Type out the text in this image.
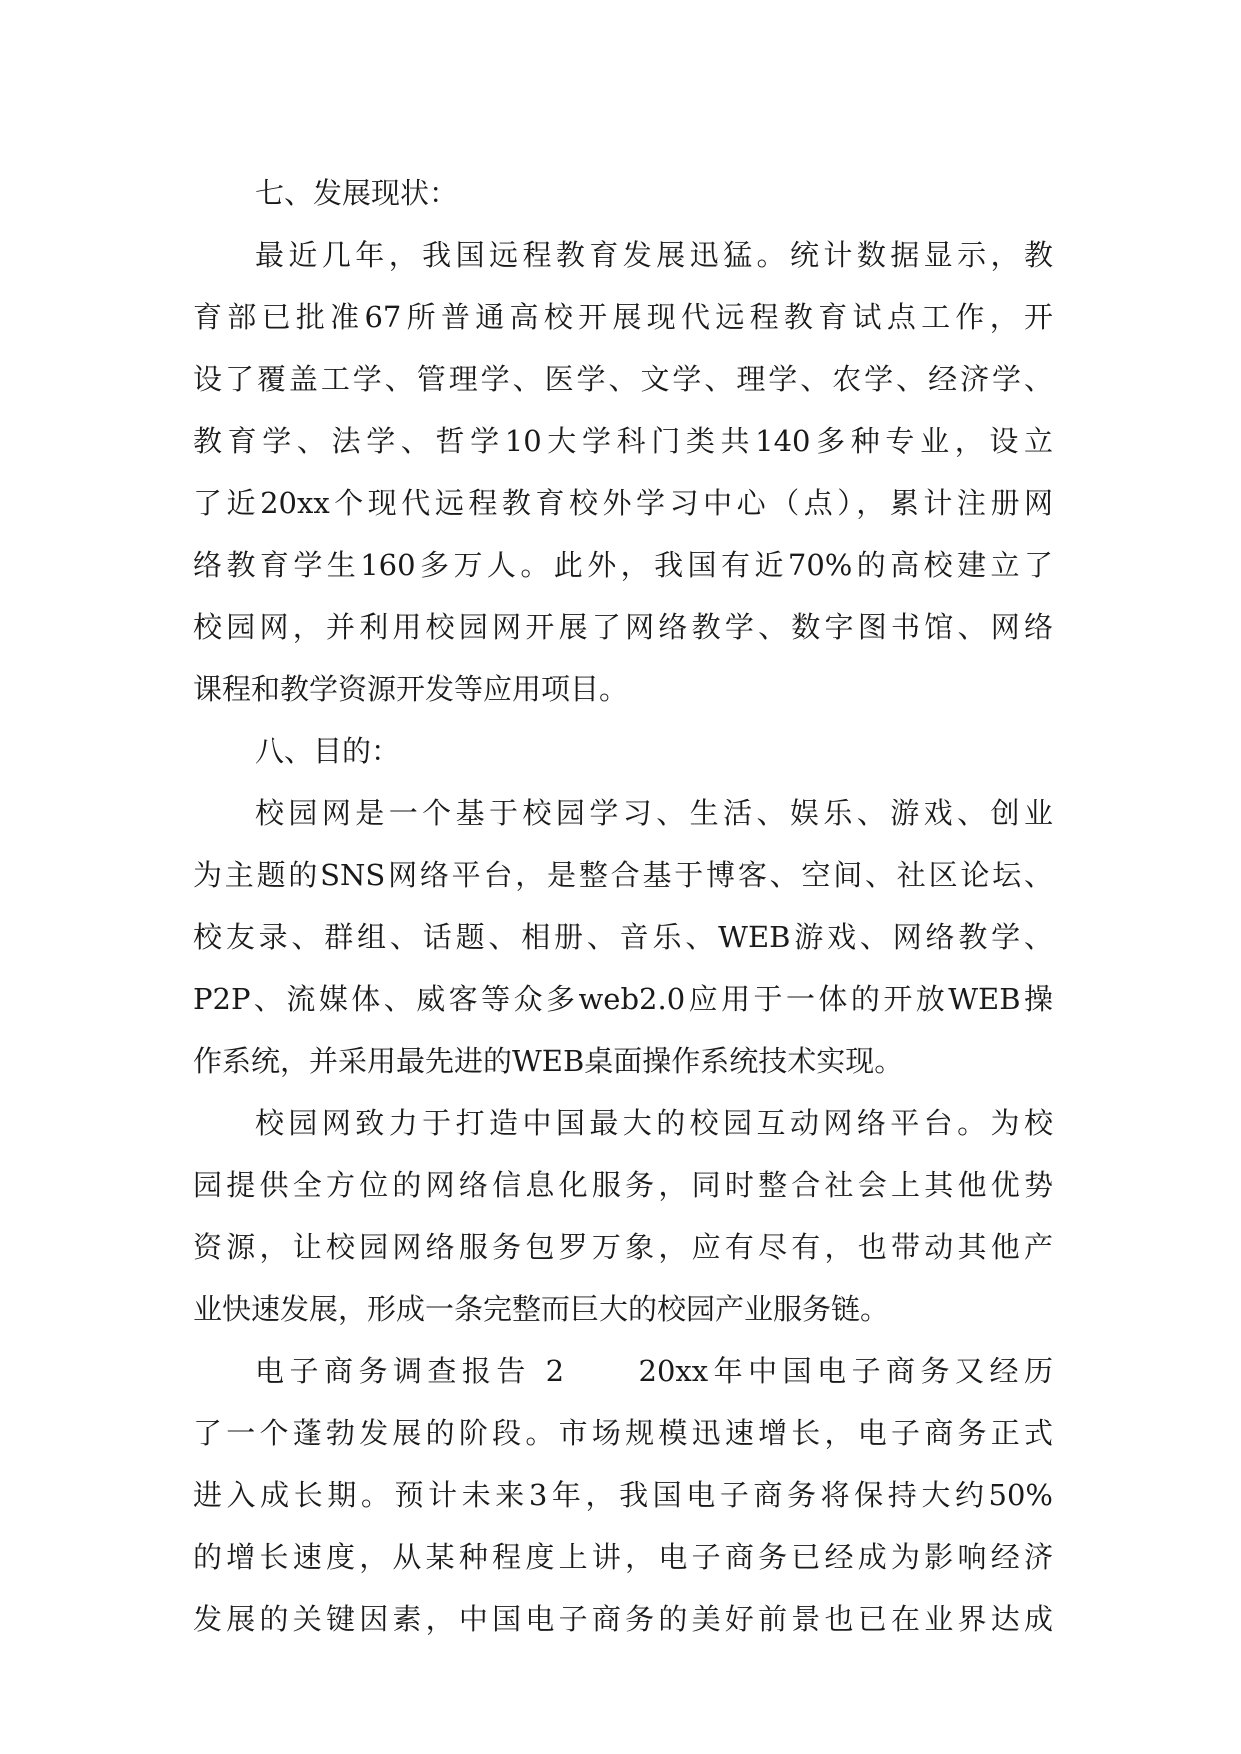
七、发展现状：
最近几年，我国远程教育发展迅猛。统计数据显示，教
育部已批准67所普通高校开展现代远程教育试点工作，开
设了覆盖工学、管理学、医学、文学、理学、农学、经济学、
教育学、法学、哲学10大学科门类共140多种专业，设立
了近20xx个现代远程教育校外学习中心（点），累计注册网
络教育学生160多万人。此外，我国有近70%的高校建立了
校园网，并利用校园网开展了网络教学、数字图书馆、网络
课程和教学资源开发等应用项目。
八、目的：
校园网是一个基于校园学习、生活、娱乐、游戏、创业
为主题的SNS网络平台，是整合基于博客、空间、社区论坛、
校友录、群组、话题、相册、音乐、WEB游戏、网络教学、
P2P、流媒体、威客等众多web2.0应用于一体的开放WEB操
作系统，并采用最先进的WEB桌面操作系统技术实现。
校园网致力于打造中国最大的校园互动网络平台。为校
园提供全方位的网络信息化服务，同时整合社会上其他优势
资源，让校园网络服务包罗万象，应有尽有，也带动其他产
业快速发展，形成一条完整而巨大的校园产业服务链。
电子商务调查报告 2　　20xx年中国电子商务又经历
了一个蓬勃发展的阶段。市场规模迅速增长，电子商务正式
进入成长期。预计未来3年，我国电子商务将保持大约50%
的增长速度，从某种程度上讲，电子商务已经成为影响经济
发展的关键因素，中国电子商务的美好前景也已在业界达成
